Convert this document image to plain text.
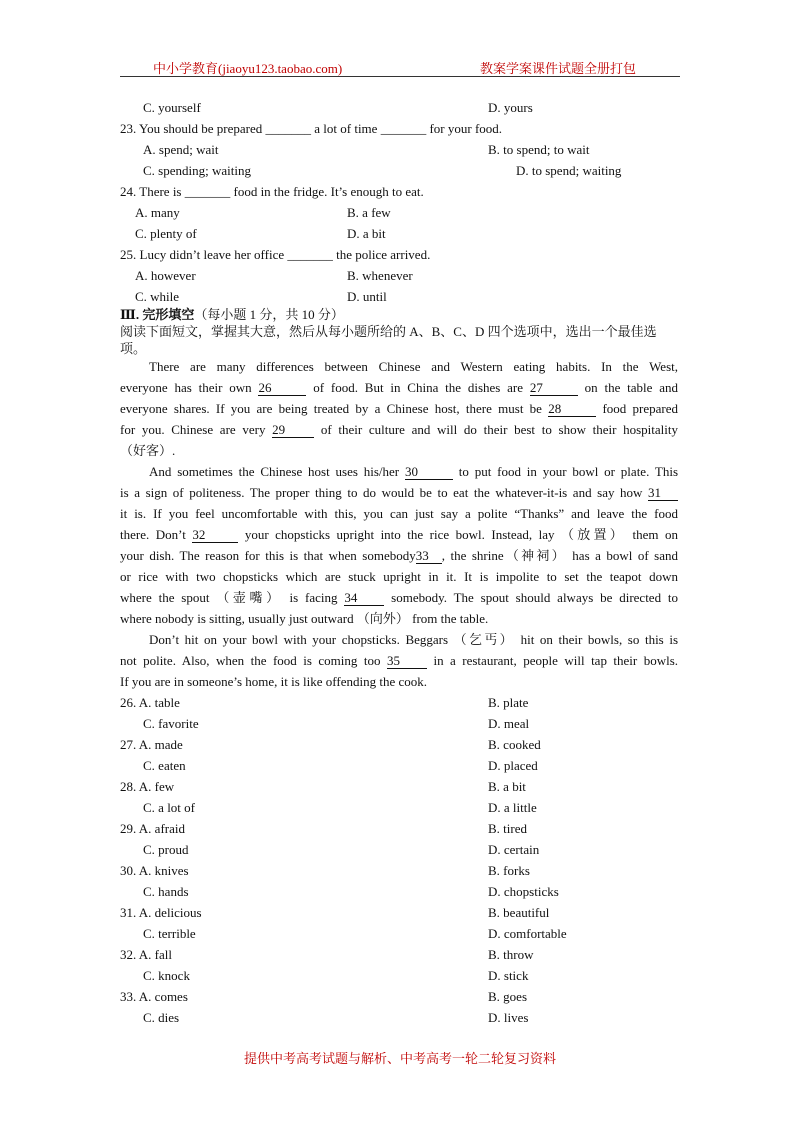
中小学教育(jiaoyu123.taobao.com)	教案学案课件试题全册打包
C. yourself	D. yours
23. You should be prepared _______ a lot of time _______ for your food.
A. spend; wait	B. to spend; to wait
C. spending; waiting	D. to spend; waiting
24. There is _______ food in the fridge. It’s enough to eat.
A. many	B. a few
C. plenty of	D. a bit
25. Lucy didn’t leave her office _______ the police arrived.
A. however	B. whenever
C. while	D. until
Ⅲ. 完形填空（每小题 1 分，共 10 分）
阅读下面短文，掌握其大意，然后从每小题所给的 A、B、C、D 四个选项中，选出一个最佳选
项。
There are many differences between Chinese and Western eating habits. In the West,
everyone has their own 26	of food. But in China the dishes are 27	on the table and
everyone shares. If you are being treated by a Chinese host, there must be 28	food prepared
for you. Chinese are very 29	of their culture and will do their best to show their hospitality
（好客）.
And sometimes the Chinese host uses his/her 30	to put food in your bowl or plate. This
is a sign of politeness. The proper thing to do would be to eat the whatever-it-is and say how 31
it is. If you feel uncomfortable with this, you can just say a polite “Thanks” and leave the food
there. Don’t 32	your chopsticks upright into the rice bowl. Instead, lay （放置） them on
your dish. The reason for this is that when somebody33 , the shrine（神祠） has a bowl of sand
or rice with two chopsticks which are stuck upright in it. It is impolite to set the teapot down
where the spout （壶嘴） is facing 34	somebody. The spout should always be directed to
where nobody is sitting, usually just outward （向外） from the table.
Don’t hit on your bowl with your chopsticks. Beggars （乞丐） hit on their bowls, so this is
not polite. Also, when the food is coming too 35	in a restaurant, people will tap their bowls.
If you are in someone’s home, it is like offending the cook.
26. A. table	B. plate
C. favorite	D. meal
27. A. made	B. cooked
C. eaten	D. placed
28. A. few	B. a bit
C. a lot of	D. a little
29. A. afraid	B. tired
C. proud	D. certain
30. A. knives	B. forks
C. hands	D. chopsticks
31. A. delicious	B. beautiful
C. terrible	D. comfortable
32. A. fall	B. throw
C. knock	D. stick
33. A. comes	B. goes
C. dies	D. lives
提供中考高考试题与解析、中考高考一轮二轮复习资料
